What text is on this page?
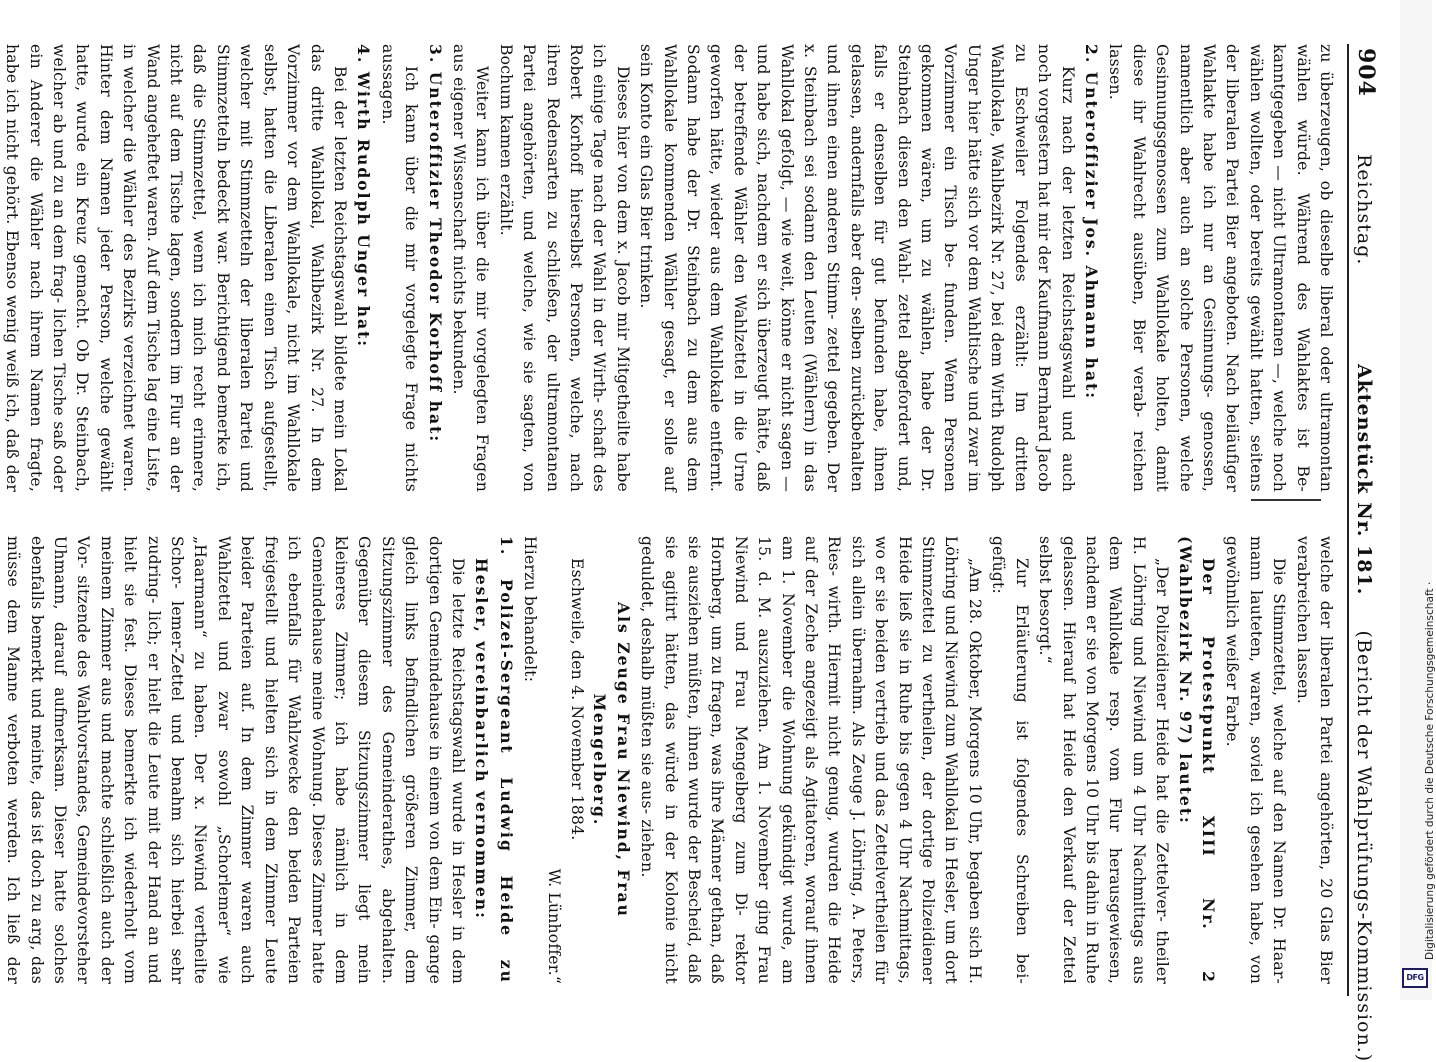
904
Reichstag.              Aktenstück Nr. 181.     (Bericht der Wahlprüfungs-Kommission.)

zu überzeugen, ob dieselbe liberal oder ultramontan wählen würde. Während des Wahlaktes ist Be- kanntgegeben — nicht Ultramontanen —, welche noch wählen wollten, oder bereits gewählt hatten, seitens der liberalen Partei Bier angeboten. Nach beiläufiger Wahlakte habe ich nur an Gesinnungs- genossen, namentlich aber auch an solche Personen, welche Gesinnungsgenossen zum Wahllokale holten, damit diese ihr Wahlrecht ausüben, Bier verab- reichen lassen.

2. Unteroffizier Jos. Ahmann hat:

Kurz nach der letzten Reichstagswahl und auch noch vorgestern hat mir der Kaufmann Bernhard Jacob zu Eschweiler Folgendes erzählt: Im dritten Wahllokale, Wahlbezirk Nr. 27, bei dem Wirth Rudolph Unger hier hätte sich vor dem Wahltische und zwar im Vorzimmer ein Tisch be- funden. Wenn Personen gekommen wären, um zu wählen, habe der Dr. Steinbach diesen den Wahl- zettel abgefordert und, falls er denselben für gut befunden habe, ihnen gelassen, andernfalls aber den- selben zurückbehalten und ihnen einen anderen Stimm- zettel gegeben. Der x. Steinbach sei sodann den Leuten (Wählern) in das Wahllokal gefolgt, — wie weit, könne er nicht sagen — und habe sich, nachdem er sich überzeugt hätte, daß der betreffende Wähler den Wahlzettel in die Urne geworfen hätte, wieder aus dem Wahllokale entfernt. Sodann habe der Dr. Steinbach zu dem aus dem Wahllokale kommenden Wähler gesagt, er solle auf sein Konto ein Glas Bier trinken.

Dieses hier von dem x. Jacob mir Mitgetheilte habe ich einige Tage nach der Wahl in der Wirth- schaft des Robert Korhoff hierselbst Personen, welche, nach ihren Redensarten zu schließen, der ultramontanen Partei angehörten, und welche, wie sie sagten, von Bochum kamen erzählt.

Weiter kann ich über die mir vorgelegten Fragen aus eigener Wissenschaft nichts bekunden.

3. Unteroffizier Theodor Korhoff hat:

Ich kann über die mir vorgelegte Frage nichts aussagen.

4. Wirth Rudolph Unger hat:

Bei der letzten Reichstagswahl bildete mein Lokal das dritte Wahllokal, Wahlbezirk Nr. 27. In dem Vorzimmer vor dem Wahllokale, nicht im Wahllokale selbst, hatten die Liberalen einen Tisch aufgestellt, welcher mit Stimmzetteln der liberalen Partei und Stimmzetteln bedeckt war. Berichtigend bemerke ich, daß die Stimmzettel, wenn ich mich recht erinnere, nicht auf dem Tische lagen, sondern im Flur an der Wand angeheftet waren. Auf dem Tische lag eine Liste, in welcher die Wähler des Bezirks verzeichnet waren. Hinter dem Namen jeder Person, welche gewählt hatte, wurde ein Kreuz gemacht. Ob Dr. Steinbach, welcher ab und zu an dem frag- lichen Tische saß oder ein Anderer die Wähler nach ihrem Namen fragte, habe ich nicht gehört. Ebenso wenig weiß ich, daß der

welche der liberalen Partei angehörten, 20 Glas Bier verabreichen lassen.

Die Stimmzettel, welche auf den Namen Dr. Haar- mann lauteten, waren, soviel ich gesehen habe, von gewöhnlich weißer Farbe.

Der Protestpunkt XIII Nr. 2 (Wahlbezirk Nr. 97) lautet:

„Der Polizeidiener Heide hat die Zettelver- theiler H. Löhring und Niewind um 4 Uhr Nachmittags aus dem Wahllokale resp. vom Flur herausgewiesen, nachdem er sie von Morgens 10 Uhr bis dahin in Ruhe gelassen. Hierauf hat Heide den Verkauf der Zettel selbst besorgt.“

Zur Erläuterung ist folgendes Schreiben bei- gefügt:

„Am 28. Oktober, Morgens 10 Uhr, begaben sich H. Löhring und Niewind zum Wahllokal in Hesler, um dort Stimmzettel zu vertheilen, der dortige Polizeidiener Heide ließ sie in Ruhe bis gegen 4 Uhr Nachmittags, wo er sie beiden vertrieb und das Zettelvertheilen für sich allein übernahm. Als Zeuge J. Löhring, A. Peters, Ries- wirth. Hiermit nicht genug, wurden die Heide auf der Zeche angezeigt als Agitatoren, worauf ihnen am 1. November die Wohnung gekündigt wurde, am 15. d. M. auszuziehen. Am 1. November ging Frau Niewind und Frau Mengelberg zum Di- rektor Hornberg, um zu fragen, was ihre Männer gethan, daß sie ausziehen müßten, ihnen wurde der Bescheid, daß sie agitirt hätten, das würde in der Kolonie nicht geduldet, deshalb müßten sie aus- ziehen.

Als Zeuge Frau Niewind, Frau Mengelberg.

Eschweile, den 4. November 1884.

W. Lünhoffer.“

Hierzu behandelt:

1. Polizei-Sergeant Ludwig Heide zu Hesler, vereinbarlich vernommen:

Die letzte Reichstagswahl wurde in Hesler in dem dortigen Gemeindehause in einem von dem Ein- gange gleich links befindlichen größeren Zimmer, dem Sitzungszimmer des Gemeinderathes, abgehalten. Gegenüber diesem Sitzungszimmer liegt mein kleineres Zimmer; ich habe nämlich in dem Gemeindehause meine Wohnung. Dieses Zimmer hatte ich ebenfalls für Wahlzwecke den beiden Parteien freigestellt und hielten sich in dem Zimmer Leute beider Parteien auf. In dem Zimmer waren auch Wahlzettel und zwar sowohl „Schorlemer“ wie „Haarmann“ zu haben. Der x. Niewind vertheilte Schor- lemer-Zettel und benahm sich hierbei sehr zudring- lich; er hielt die Leute mit der Hand an und hielt sie fest. Dieses bemerkte ich wiederholt vom meinem Zimmer aus und machte schließlich auch der Vor- sitzende des Wahlvorstandes, Gemeindevorsteher Uhmann, darauf aufmerksam. Dieser hatte solches ebenfalls bemerkt und meinte, das ist doch zu arg, das müsse dem Manne verboten werden. Ich ließ der

Digitalisierung gefördert durch die Deutsche Forschungsgemeinschaft ·
DFG
